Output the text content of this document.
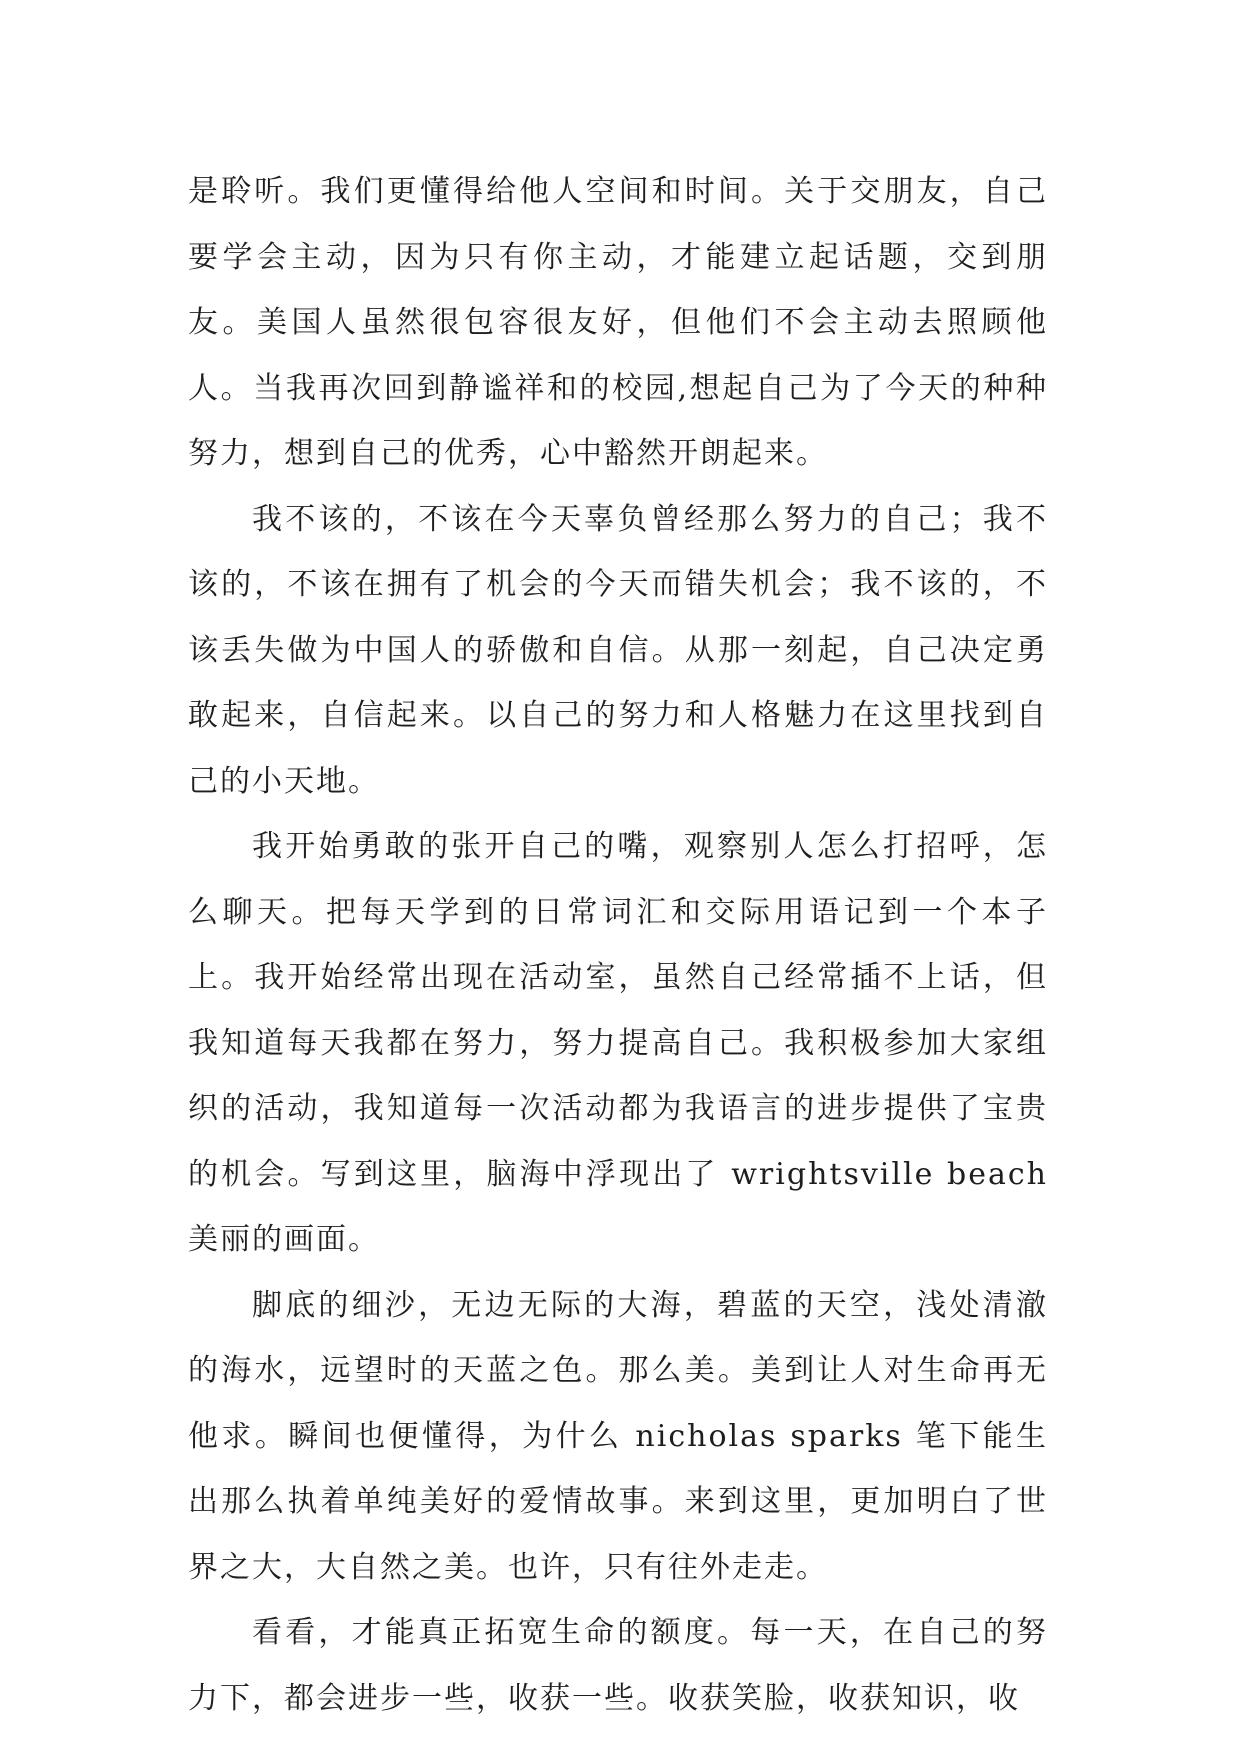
是聆听。我们更懂得给他人空间和时间。关于交朋友，自己要学会主动，因为只有你主动，才能建立起话题，交到朋友。美国人虽然很包容很友好，但他们不会主动去照顾他人。当我再次回到静谧祥和的校园,想起自己为了今天的种种努力，想到自己的优秀，心中豁然开朗起来。

我不该的，不该在今天辜负曾经那么努力的自己；我不该的，不该在拥有了机会的今天而错失机会；我不该的，不该丢失做为中国人的骄傲和自信。从那一刻起，自己决定勇敢起来，自信起来。以自己的努力和人格魅力在这里找到自己的小天地。

我开始勇敢的张开自己的嘴，观察别人怎么打招呼，怎么聊天。把每天学到的日常词汇和交际用语记到一个本子上。我开始经常出现在活动室，虽然自己经常插不上话，但我知道每天我都在努力，努力提高自己。我积极参加大家组织的活动，我知道每一次活动都为我语言的进步提供了宝贵的机会。写到这里，脑海中浮现出了 wrightsville beach 美丽的画面。

脚底的细沙，无边无际的大海，碧蓝的天空，浅处清澈的海水，远望时的天蓝之色。那么美。美到让人对生命再无他求。瞬间也便懂得，为什么 nicholas sparks 笔下能生出那么执着单纯美好的爱情故事。来到这里，更加明白了世界之大，大自然之美。也许，只有往外走走。

看看，才能真正拓宽生命的额度。每一天，在自己的努力下，都会进步一些，收获一些。收获笑脸，收获知识，收
